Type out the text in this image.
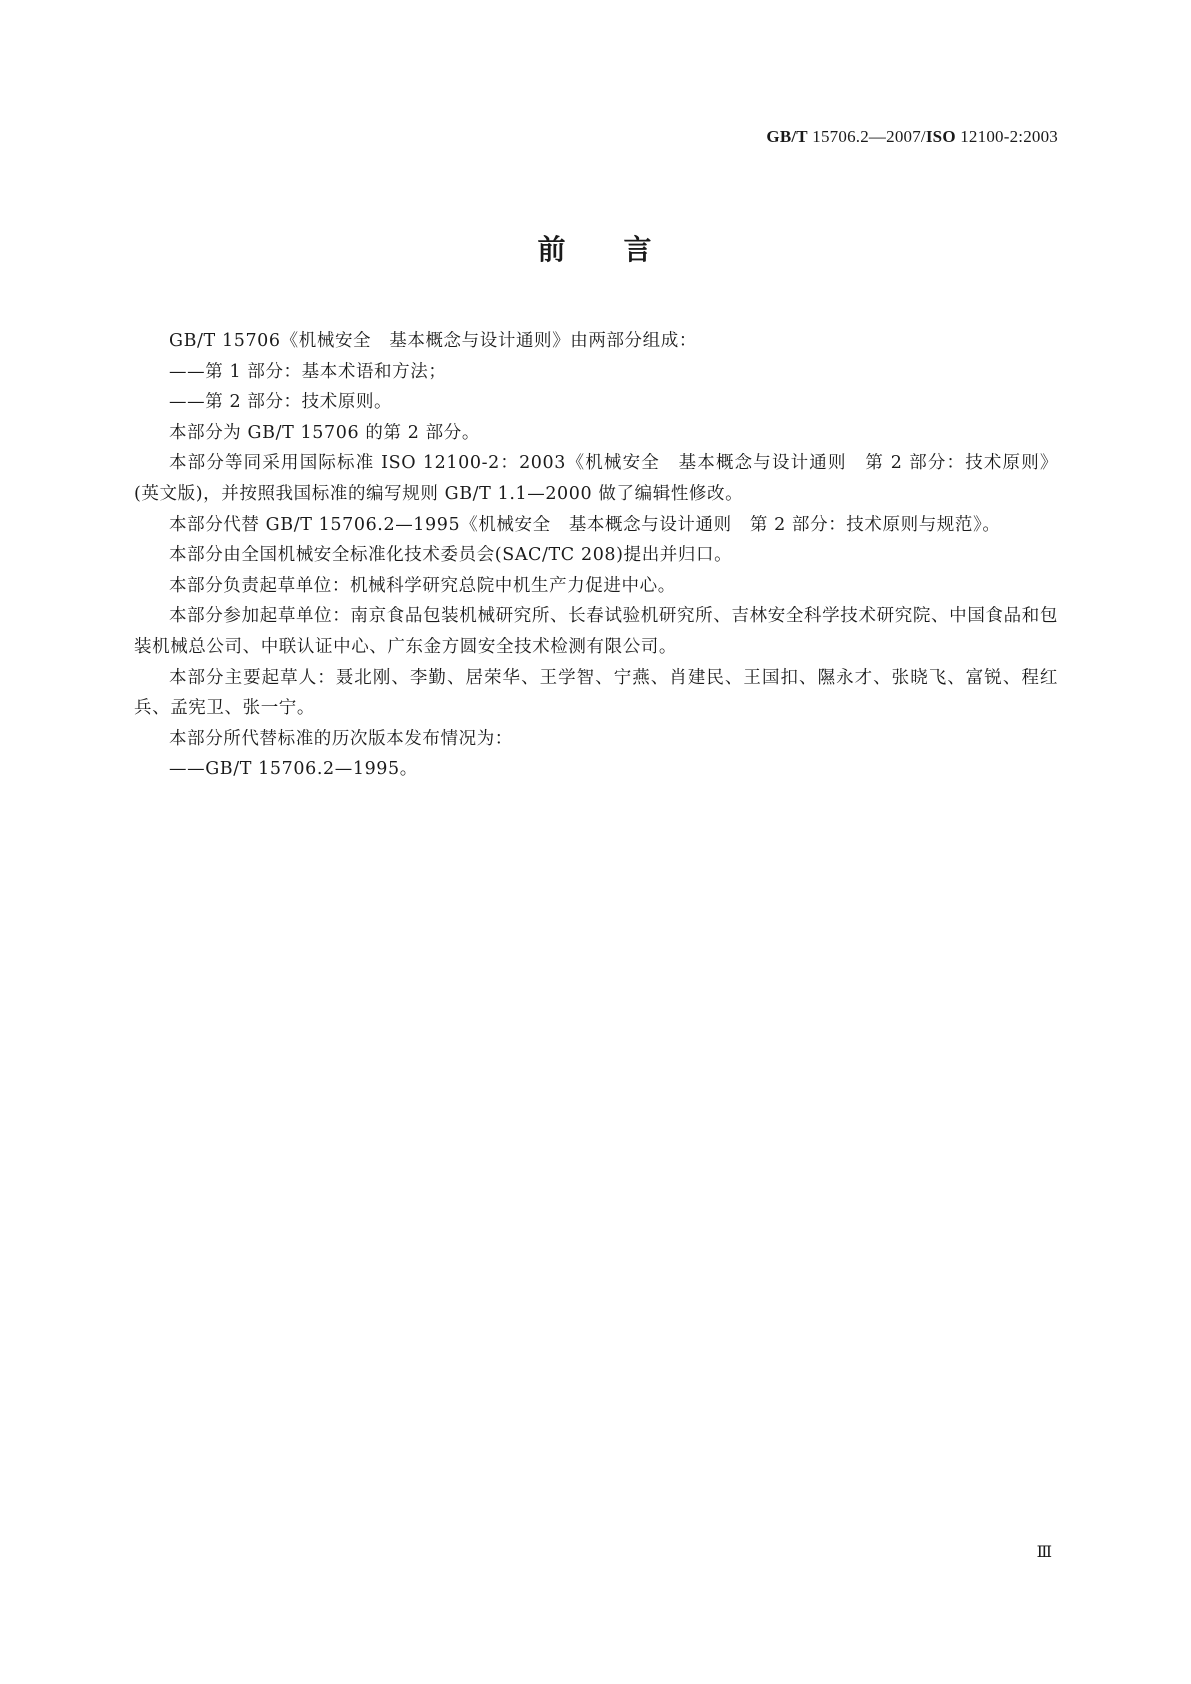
GB/T 15706.2—2007/ISO 12100-2:2003
前 言

GB/T 15706《机械安全　基本概念与设计通则》由两部分组成：

——第 1 部分：基本术语和方法；

——第 2 部分：技术原则。

本部分为 GB/T 15706 的第 2 部分。

本部分等同采用国际标准 ISO 12100-2：2003《机械安全　基本概念与设计通则　第 2 部分：技术原则》(英文版)，并按照我国标准的编写规则 GB/T 1.1—2000 做了编辑性修改。

本部分代替 GB/T 15706.2—1995《机械安全　基本概念与设计通则　第 2 部分：技术原则与规范》。

本部分由全国机械安全标准化技术委员会(SAC/TC 208)提出并归口。

本部分负责起草单位：机械科学研究总院中机生产力促进中心。

本部分参加起草单位：南京食品包装机械研究所、长春试验机研究所、吉林安全科学技术研究院、中国食品和包装机械总公司、中联认证中心、广东金方圆安全技术检测有限公司。

本部分主要起草人：聂北刚、李勤、居荣华、王学智、宁燕、肖建民、王国扣、隰永才、张晓飞、富锐、程红兵、孟宪卫、张一宁。

本部分所代替标准的历次版本发布情况为：

——GB/T 15706.2—1995。

Ⅲ
